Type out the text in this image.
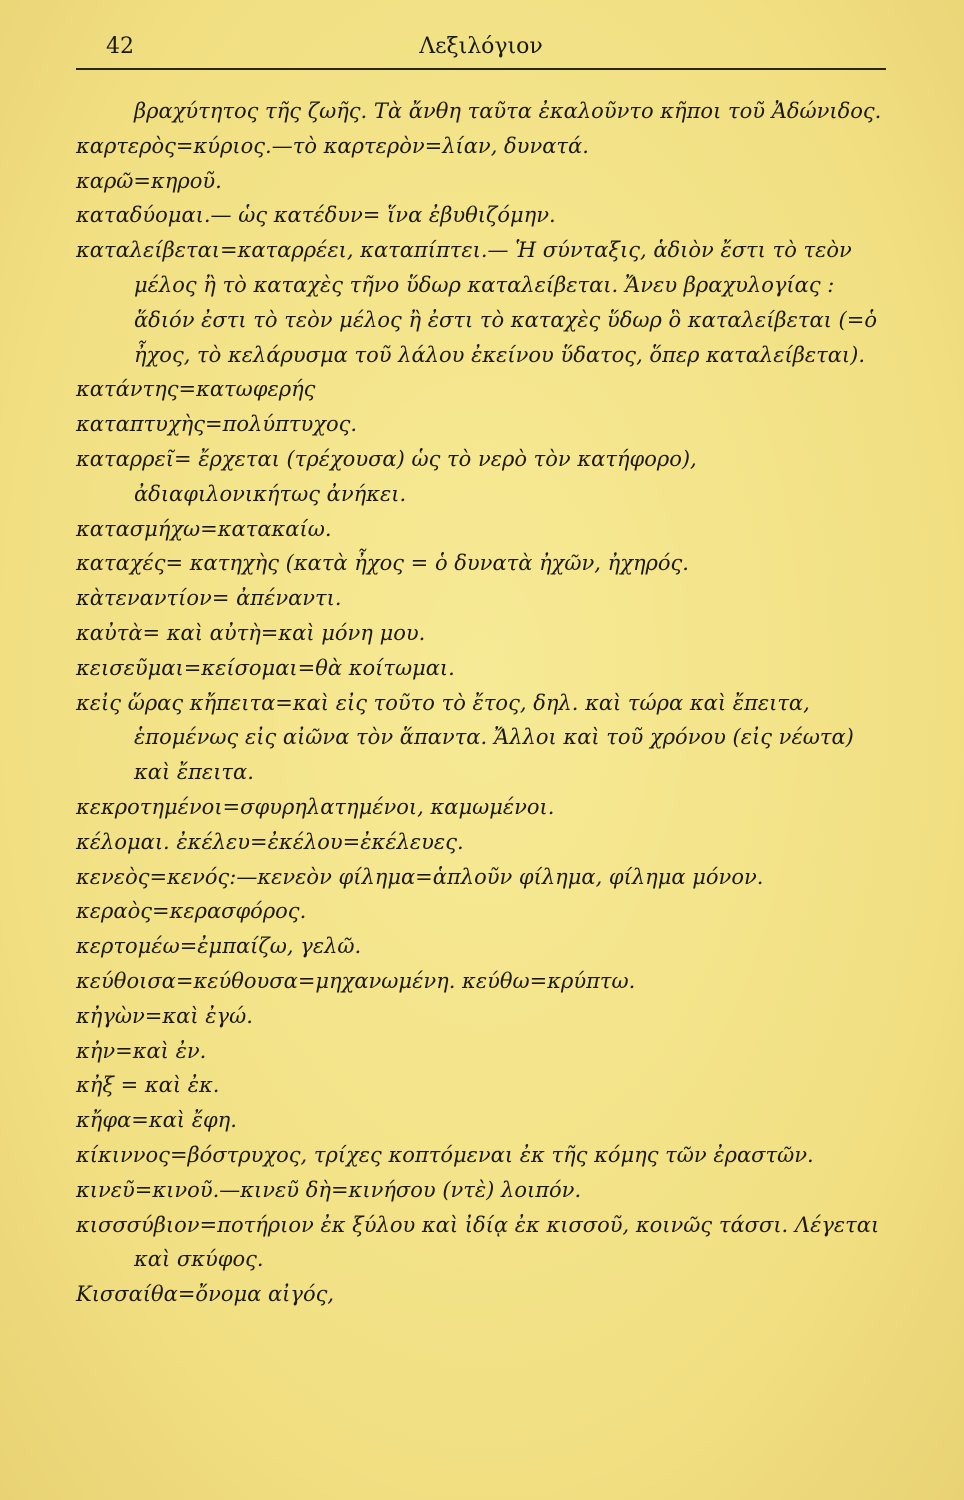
42	Λεξιλόγιον

βραχύτητος τῆς ζωῆς. Τὰ ἄνθη ταῦτα ἐκαλοῦντο κῆποι τοῦ Ἀδώνιδος.

καρτερὸς=κύριος.—τὸ καρτερὸν=λίαν, δυνατά.

καρῶ=κηροῦ.

καταδύομαι.— ὡς κατέδυν= ἵνα ἐβυθιζόμην.

καταλείβεται=καταρρέει, καταπίπτει.— Ἡ σύνταξις, ἁδιὸν ἔστι τὸ τεὸν μέλος ἢ τὸ καταχὲς τῆνο ὕδωρ καταλείβεται. Ἄνευ βραχυλογίας : ἅδιόν ἐστι τὸ τεὸν μέλος ἢ ἐστι τὸ καταχὲς ὕδωρ ὃ καταλείβεται (=ὁ ἦχος, τὸ κελάρυσμα τοῦ λάλου ἐκείνου ὕδατος, ὅπερ καταλείβεται).

κατάντης=κατωφερής

καταπτυχὴς=πολύπτυχος.

καταρρεῖ= ἔρχεται (τρέχουσα) ὡς τὸ νερὸ τὸν κατήφορο), ἀδιαφιλονικήτως ἀνήκει.

κατασμήχω=κατακαίω.

καταχές= κατηχὴς (κατὰ ἦχος = ὁ δυνατὰ ἠχῶν, ἠχηρός.

κὰτεναντίον= ἀπέναντι.

καὐτὰ= καὶ αὐτὴ=καὶ μόνη μου.

κεισεῦμαι=κείσομαι=θὰ κοίτωμαι.

κεἰς ὥρας κἤπειτα=καὶ εἰς τοῦτο τὸ ἔτος, δηλ. καὶ τώρα καὶ ἔπειτα, ἑπομένως εἰς αἰῶνα τὸν ἅπαντα. Ἄλλοι καὶ τοῦ χρόνου (εἰς νέωτα) καὶ ἔπειτα.

κεκροτημένοι=σφυρηλατημένοι, καμωμένοι.

κέλομαι. ἐκέλευ=ἐκέλου=ἐκέλευες.

κενεὸς=κενός:—κενεὸν φίλημα=ἁπλοῦν φίλημα, φίλημα μόνον.

κεραὸς=κερασφόρος.

κερτομέω=ἐμπαίζω, γελῶ.

κεύθοισα=κεύθουσα=μηχανωμένη. κεύθω=κρύπτω.

κἠγὼν=καὶ ἐγώ.

κἠν=καὶ ἐν.

κἠξ = καὶ ἐκ.

κἤφα=καὶ ἔφη.

κίκιννος=βόστρυχος, τρίχες κοπτόμεναι ἐκ τῆς κόμης τῶν ἐραστῶν.

κινεῦ=κινοῦ.—κινεῦ δὴ=κινήσου (ντὲ) λοιπόν.

κισσσύβιον=ποτήριον ἐκ ξύλου καὶ ἰδίᾳ ἐκ κισσοῦ, κοινῶς τάσσι. Λέγεται καὶ σκύφος.

Κισσαίθα=ὄνομα αἰγός,
